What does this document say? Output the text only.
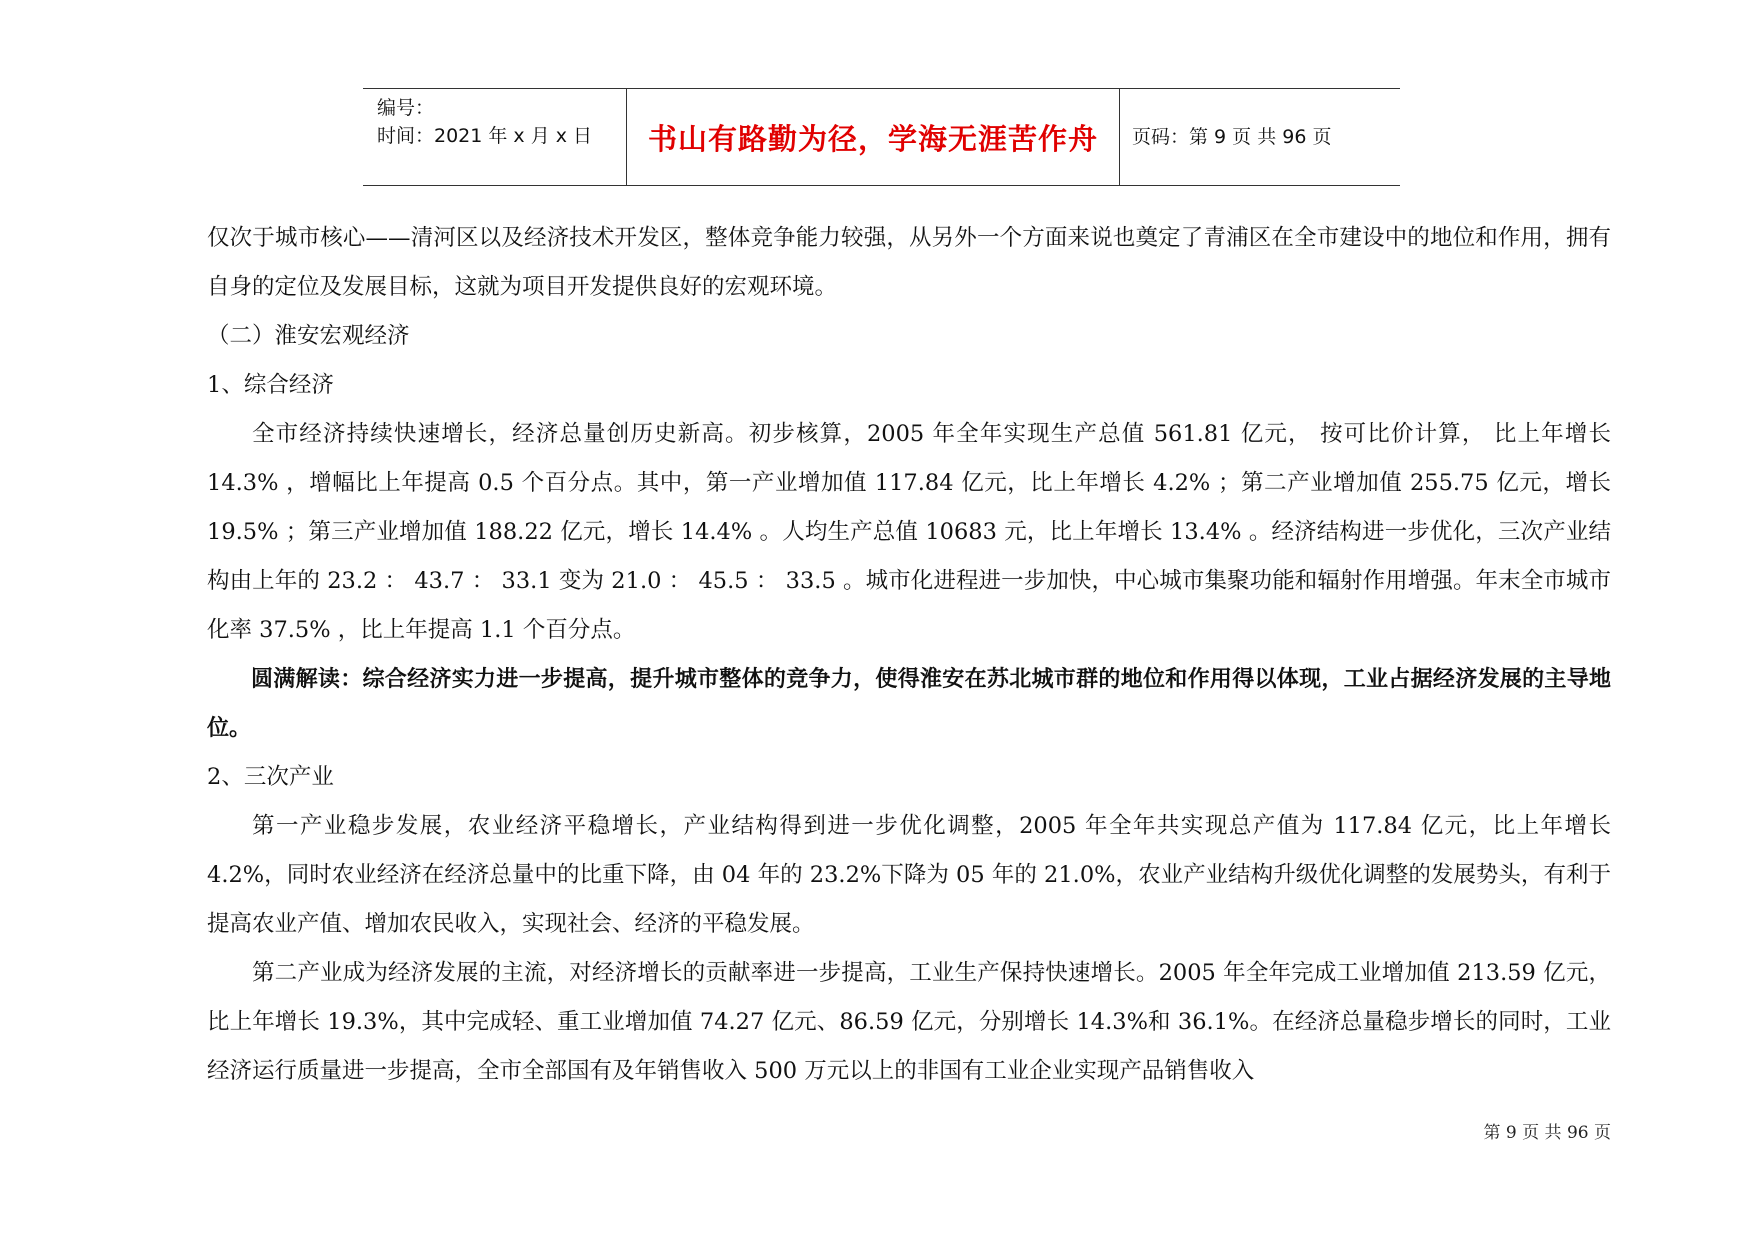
编号：
时间：2021 年 x 月 x 日 书山有路勤为径，学海无涯苦作舟 页码：第 9 页 共 96 页

仅次于城市核心——清河区以及经济技术开发区，整体竞争能力较强，从另外一个方面来说也奠定了青浦区在全市建设中的地位和作用，拥有自身的定位及发展目标，这就为项目开发提供良好的宏观环境。

（二）淮安宏观经济

1、综合经济

全市经济持续快速增长，经济总量创历史新高。初步核算，2005 年全年实现生产总值 561.81 亿元， 按可比价计算， 比上年增长 14.3% ，增幅比上年提高 0.5 个百分点。其中，第一产业增加值 117.84 亿元，比上年增长 4.2% ；第二产业增加值 255.75 亿元，增长 19.5% ；第三产业增加值 188.22 亿元，增长 14.4% 。人均生产总值 10683 元，比上年增长 13.4% 。经济结构进一步优化，三次产业结构由上年的 23.2 ： 43.7 ： 33.1 变为 21.0 ： 45.5 ： 33.5 。城市化进程进一步加快，中心城市集聚功能和辐射作用增强。年末全市城市化率 37.5% ，比上年提高 1.1 个百分点。

圆满解读：综合经济实力进一步提高，提升城市整体的竞争力，使得淮安在苏北城市群的地位和作用得以体现，工业占据经济发展的主导地位。

2、三次产业

第一产业稳步发展，农业经济平稳增长，产业结构得到进一步优化调整，2005 年全年共实现总产值为 117.84 亿元，比上年增长 4.2%，同时农业经济在经济总量中的比重下降，由 04 年的 23.2%下降为 05 年的 21.0%，农业产业结构升级优化调整的发展势头，有利于提高农业产值、增加农民收入，实现社会、经济的平稳发展。

第二产业成为经济发展的主流，对经济增长的贡献率进一步提高，工业生产保持快速增长。2005 年全年完成工业增加值 213.59 亿元，比上年增长 19.3%，其中完成轻、重工业增加值 74.27 亿元、86.59 亿元，分别增长 14.3%和 36.1%。在经济总量稳步增长的同时，工业经济运行质量进一步提高，全市全部国有及年销售收入 500 万元以上的非国有工业企业实现产品销售收入

第 9 页 共 96 页
